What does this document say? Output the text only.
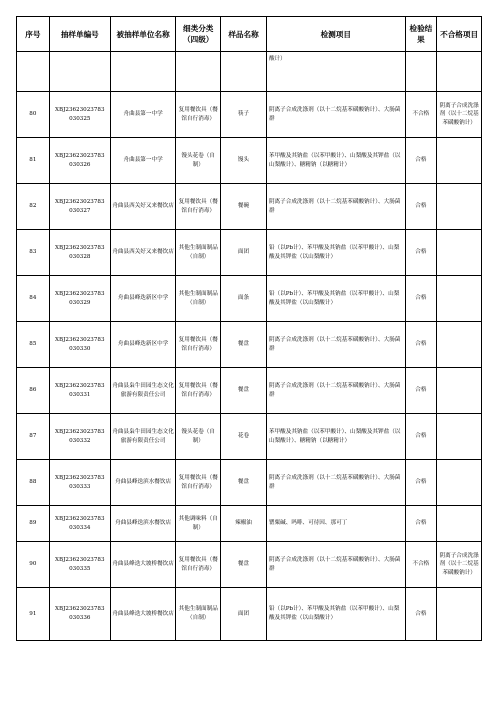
序号	抽样单编号	被抽样单位名称	细类分类（四级）	样品名称	检测项目	检验结果	不合格项目
					酸计）		
80	XBJ23623023783 030325	舟曲县第一中学	复用餐饮具（餐馆自行消毒）	筷子	阴离子合成洗涤剂（以十二烷基苯磺酸钠计）、大肠菌群	不合格	阴离子合成洗涤剂（以十二烷基苯磺酸钠计）
81	XBJ23623023783 030326	舟曲县第一中学	馒头花卷（自制）	馒头	苯甲酸及其钠盐（以苯甲酸计）、山梨酸及其钾盐（以山梨酸计）、糖精钠（以糖精计）	合格	
82	XBJ23623023783 030327	舟曲县西关好又来餐饮店	复用餐饮具（餐馆自行消毒）	餐碗	阴离子合成洗涤剂（以十二烷基苯磺酸钠计）、大肠菌群	合格	
83	XBJ23623023783 030328	舟曲县西关好又来餐饮店	其他生制面制品（自制）	面团	铅（以Pb计）、苯甲酸及其钠盐（以苯甲酸计）、山梨酸及其钾盐（以山梨酸计）	合格	
84	XBJ23623023783 030329	舟曲县峰迭新区中学	其他生制面制品（自制）	面条	铅（以Pb计）、苯甲酸及其钠盐（以苯甲酸计）、山梨酸及其钾盐（以山梨酸计）	合格	
85	XBJ23623023783 030330	舟曲县峰迭新区中学	复用餐饮具（餐馆自行消毒）	餐盘	阴离子合成洗涤剂（以十二烷基苯磺酸钠计）、大肠菌群	合格	
86	XBJ23623023783 030331	舟曲县枭牛田园生态文化旅游有限责任公司	复用餐饮具（餐馆自行消毒）	餐盘	阴离子合成洗涤剂（以十二烷基苯磺酸钠计）、大肠菌群	合格	
87	XBJ23623023783 030332	舟曲县枭牛田园生态文化旅游有限责任公司	馒头花卷（自制）	花卷	苯甲酸及其钠盐（以苯甲酸计）、山梨酸及其钾盐（以山梨酸计）、糖精钠（以糖精计）	合格	
88	XBJ23623023783 030333	舟曲县峰迭滨水餐饮店	复用餐饮具（餐馆自行消毒）	餐盘	阴离子合成洗涤剂（以十二烷基苯磺酸钠计）、大肠菌群	合格	
89	XBJ23623023783 030334	舟曲县峰迭滨水餐饮店	其他调味料（自制）	辣椒油	罂粟碱、吗啡、可待因、那可丁	合格	
90	XBJ23623023783 030335	舟曲县峰迭大坡桥餐饮店	复用餐饮具（餐馆自行消毒）	餐盘	阴离子合成洗涤剂（以十二烷基苯磺酸钠计）、大肠菌群	不合格	阴离子合成洗涤剂（以十二烷基苯磺酸钠计）
91	XBJ23623023783 030336	舟曲县峰迭大坡桥餐饮店	其他生制面制品（自制）	面团	铅（以Pb计）、苯甲酸及其钠盐（以苯甲酸计）、山梨酸及其钾盐（以山梨酸计）	合格	
